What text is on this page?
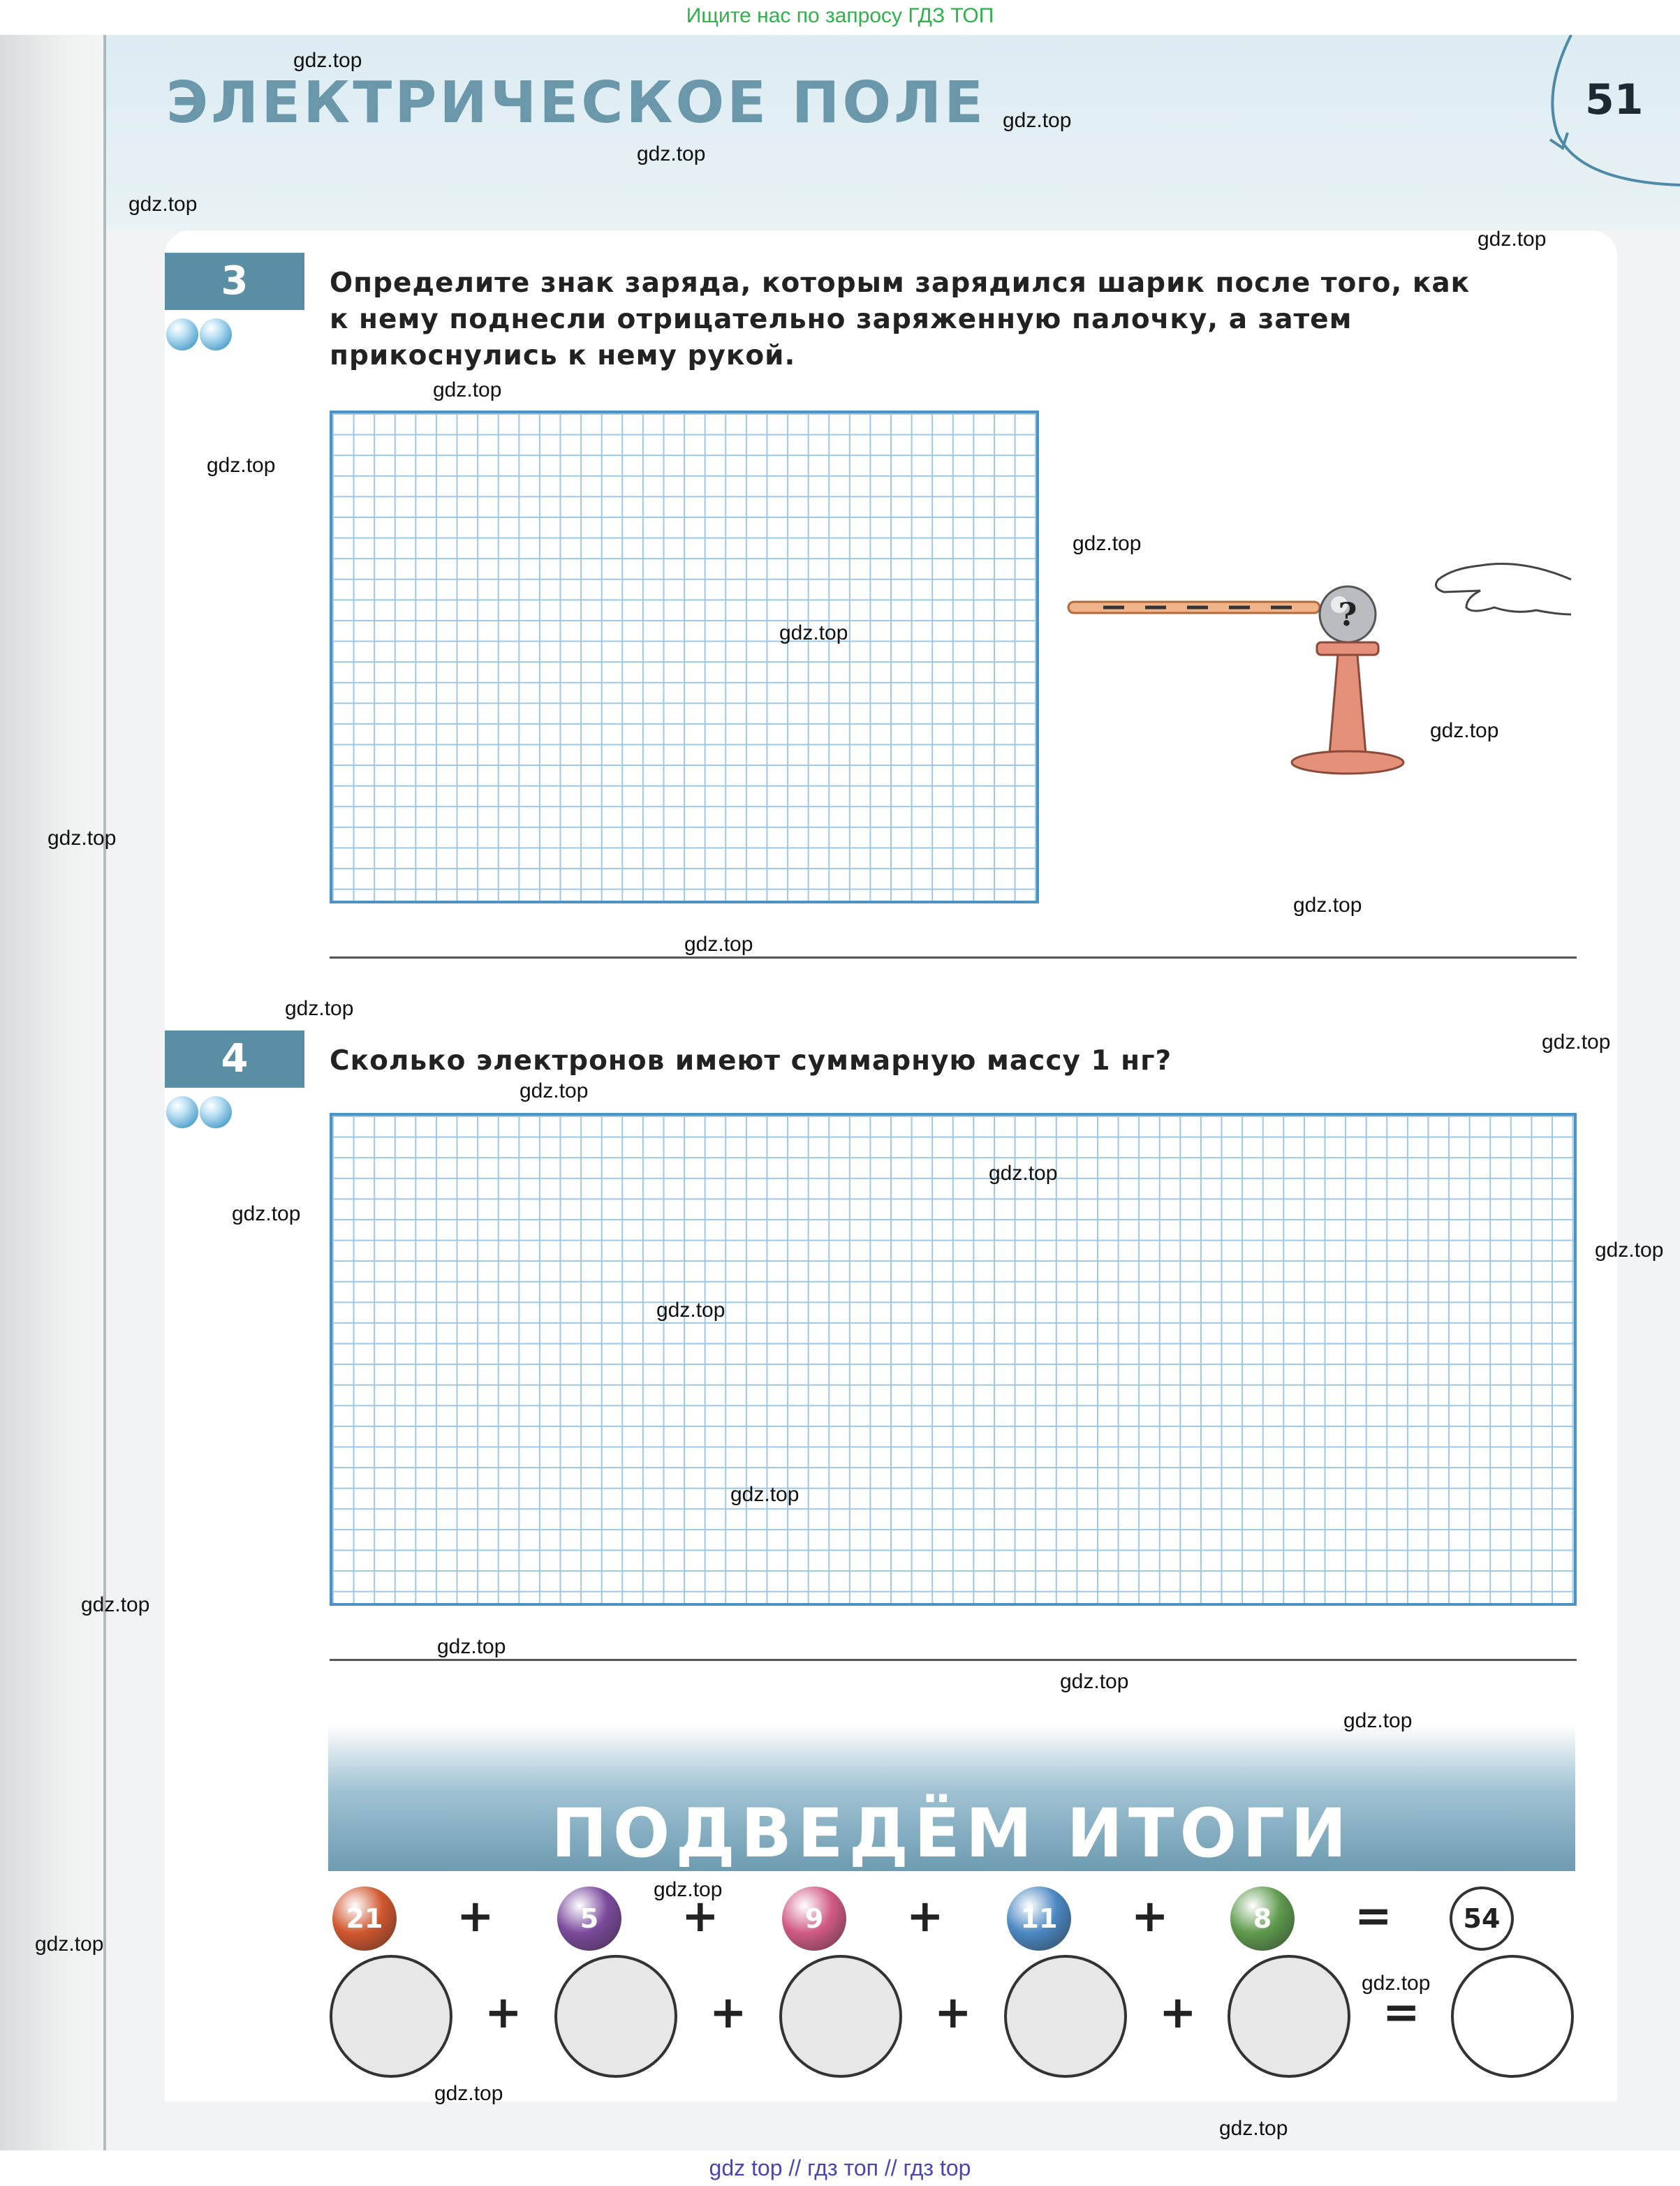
Ищите нас по запросу ГДЗ ТОП
ЭЛЕКТРИЧЕСКОЕ ПОЛЕ	51
3	Определите знак заряда, которым зарядился шарик после того, как к нему поднесли отрицательно заряженную палочку, а затем прикоснулись к нему рукой.
?
4	Сколько электронов имеют суммарную массу 1 нг?
ПОДВЕДЁМ ИТОГИ
21	+	5	+	9	+	11	+	8	=	54
+	+	+	+	=
gdz.top
gdz.top
gdz.top
gdz.top
gdz.top
gdz.top
gdz.top
gdz.top
gdz.top
gdz.top
gdz.top
gdz.top
gdz.top
gdz.top
gdz.top
gdz.top
gdz.top
gdz.top
gdz.top
gdz.top
gdz.top
gdz.top
gdz.top
gdz.top
gdz.top
gdz.top
gdz.top
gdz.top
gdz.top
gdz.top
gdz top // гдз топ // гдз top
